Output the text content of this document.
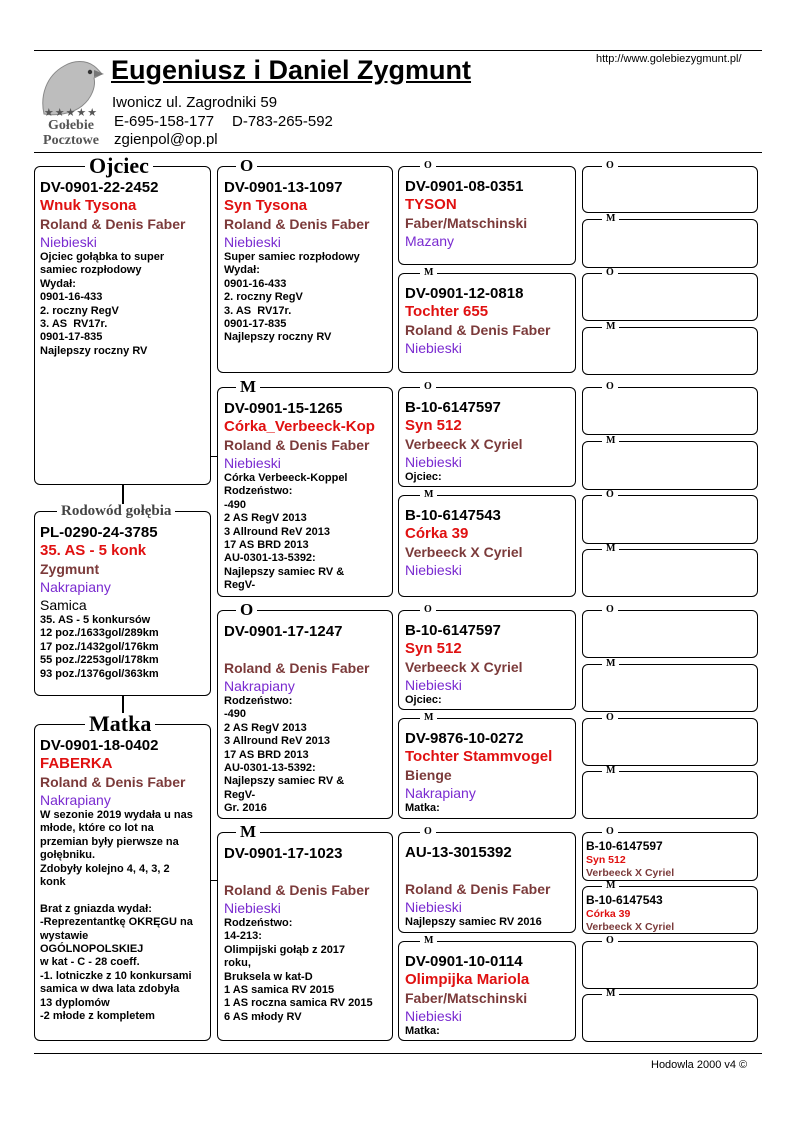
★★★★★
Gołebie
Pocztowe
Eugeniusz i Daniel Zygmunt	http://www.golebiezygmunt.pl/
Iwonicz ul. Zagrodniki 59
E-695-158-177 D-783-265-592
zgienpol@op.pl
DV-0901-22-2452
Wnuk Tysona
Roland & Denis Faber
Niebieski
Ojciec gołąbka to super
samiec rozpłodowy
Wydał:
0901-16-433
2. roczny RegV
3. AS  RV17r.
0901-17-835
Najlepszy roczny RV
Ojciec
PL-0290-24-3785
35. AS - 5 konk
Zygmunt
Nakrapiany
Samica
35. AS - 5 konkursów
12 poz./1633gol/289km
17 poz./1432gol/176km
55 poz./2253gol/178km
93 poz./1376gol/363km
Rodowód gołębia
DV-0901-18-0402
FABERKA
Roland & Denis Faber
Nakrapiany
W sezonie 2019 wydała u nas
młode, które co lot na
przemian były pierwsze na
gołębniku.
Zdobyły kolejno 4, 4, 3, 2
konk

Brat z gniazda wydał:
-Reprezentantkę OKRĘGU na
wystawie
OGÓLNOPOLSKIEJ
w kat - C - 28 coeff.
-1. lotniczke z 10 konkursami
samica w dwa lata zdobyła
13 dyplomów
-2 młode z kompletem
Matka
DV-0901-13-1097
Syn Tysona
Roland & Denis Faber
Niebieski
Super samiec rozpłodowy
Wydał:
0901-16-433
2. roczny RegV
3. AS  RV17r.
0901-17-835
Najlepszy roczny RV
O
DV-0901-15-1265
Córka_Verbeeck-Kop
Roland & Denis Faber
Niebieski
Córka Verbeeck-Koppel
Rodzeństwo:
-490
2 AS RegV 2013
3 Allround ReV 2013
17 AS BRD 2013
AU-0301-13-5392:
Najlepszy samiec RV &
RegV-
M
DV-0901-17-1247
Roland & Denis Faber
Nakrapiany
Rodzeństwo:
-490
2 AS RegV 2013
3 Allround ReV 2013
17 AS BRD 2013
AU-0301-13-5392:
Najlepszy samiec RV &
RegV-
Gr. 2016
O
DV-0901-17-1023
Roland & Denis Faber
Niebieski
Rodzeństwo:
14-213:
Olimpijski gołąb z 2017
roku,
Bruksela w kat-D
1 AS samica RV 2015
1 AS roczna samica RV 2015
6 AS młody RV
M
DV-0901-08-0351
TYSON
Faber/Matschinski
Mazany
O
DV-0901-12-0818
Tochter 655
Roland & Denis Faber
Niebieski
M
B-10-6147597
Syn 512
Verbeeck X Cyriel
Niebieski
Ojciec:
O
B-10-6147543
Córka 39
Verbeeck X Cyriel
Niebieski
M
B-10-6147597
Syn 512
Verbeeck X Cyriel
Niebieski
Ojciec:
O
DV-9876-10-0272
Tochter Stammvogel
Bienge
Nakrapiany
Matka:
M
AU-13-3015392
Roland & Denis Faber
Niebieski
Najlepszy samiec RV 2016
O
DV-0901-10-0114
Olimpijka Mariola
Faber/Matschinski
Niebieski
Matka:
M
O
M
O
M
O
M
O
M
O
M
O
M
B-10-6147597
Syn 512
Verbeeck X Cyriel
O
B-10-6147543
Córka 39
Verbeeck X Cyriel
M
O
M
Hodowla 2000 v4 ©
